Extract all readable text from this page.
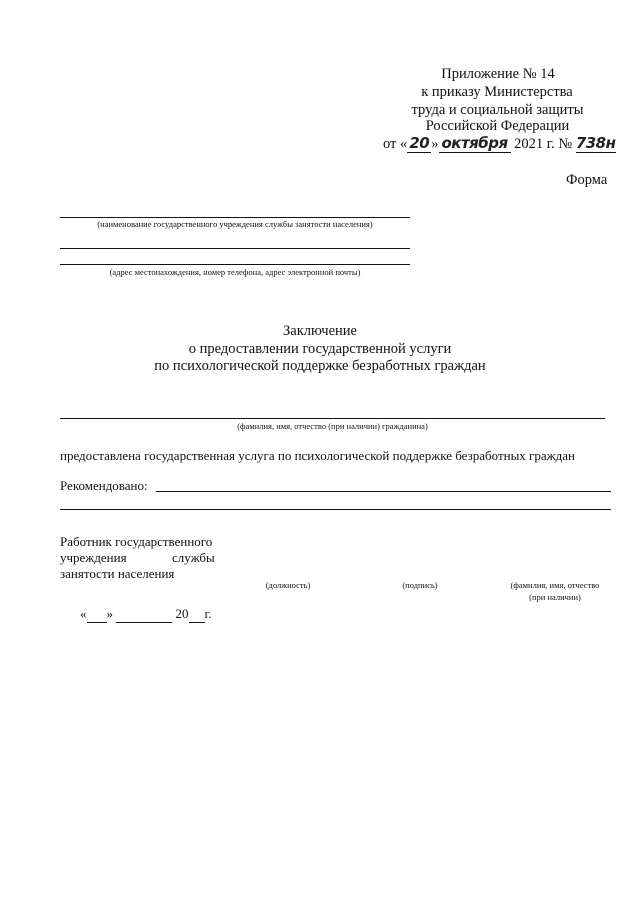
Приложение № 14
к приказу Министерства
труда и социальной защиты
Российской Федерации
от « 20 » октября 2021 г. № 738н
Форма
(наименование государственного учреждения службы занятости населения)
(адрес местонахождения, номер телефона, адрес электронной почты)
Заключение
о предоставлении государственной услуги
по психологической поддержке безработных граждан
(фамилия, имя, отчество (при наличии) гражданина)
предоставлена государственная услуга по психологической поддержке безработных граждан
Рекомендовано:
Работник государственного
учреждения	службы
занятости населения
(должность)	(подпись)	(фамилия, имя, отчество
(при наличии)
« »	20 г.
